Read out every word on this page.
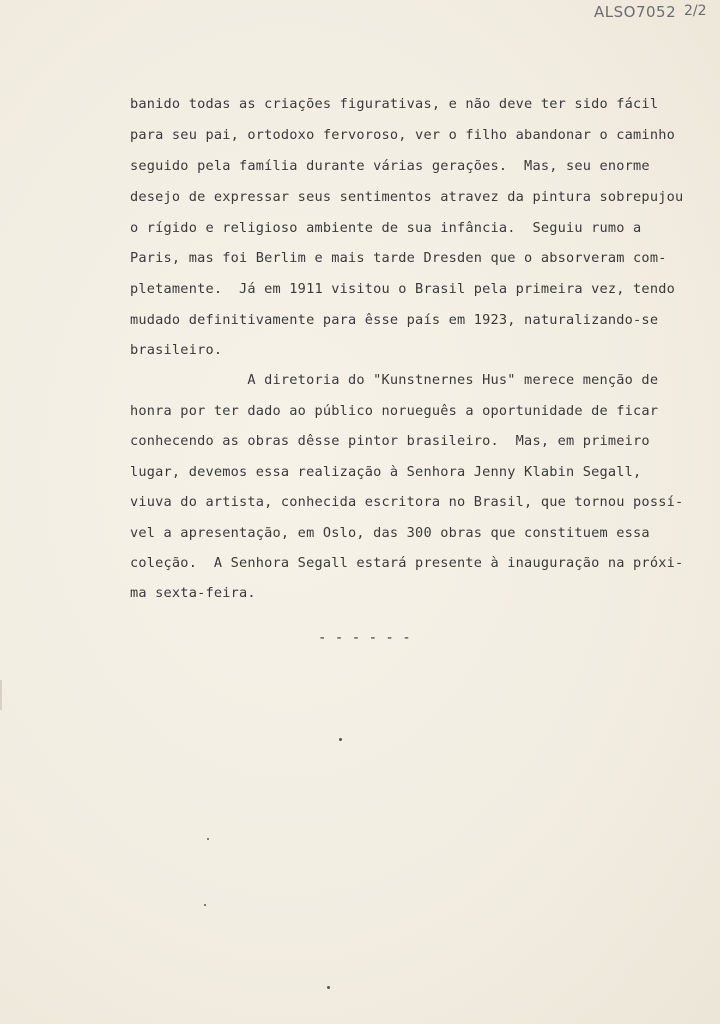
ALSO7052 2/2
banido todas as criações figurativas, e não deve ter sido fácil
para seu pai, ortodoxo fervoroso, ver o filho abandonar o caminho
seguido pela família durante várias gerações.  Mas, seu enorme
desejo de expressar seus sentimentos atravez da pintura sobrepujou
o rígido e religioso ambiente de sua infância.  Seguiu rumo a
Paris, mas foi Berlim e mais tarde Dresden que o absorveram com-
pletamente.  Já em 1911 visitou o Brasil pela primeira vez, tendo
mudado definitivamente para êsse país em 1923, naturalizando-se
brasileiro.
A diretoria do "Kunstnernes Hus" merece menção de
honra por ter dado ao público norueguês a oportunidade de ficar
conhecendo as obras dêsse pintor brasileiro.  Mas, em primeiro
lugar, devemos essa realização à Senhora Jenny Klabin Segall,
viuva do artista, conhecida escritora no Brasil, que tornou possí-
vel a apresentação, em Oslo, das 300 obras que constituem essa
coleção.  A Senhora Segall estará presente à inauguração na próxi-
ma sexta-feira.
- - - - - -
